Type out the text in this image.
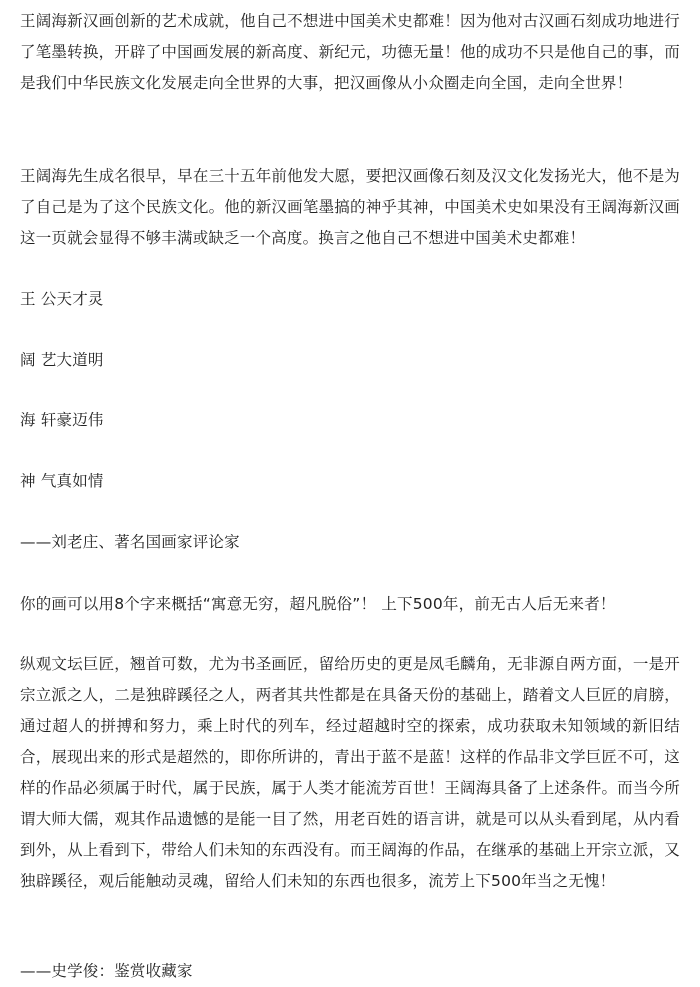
王阔海新汉画创新的艺术成就，他自己不想进中国美术史都难！因为他对古汉画石刻成功地进行了笔墨转换，开辟了中国画发展的新高度、新纪元，功德无量！他的成功不只是他自己的事，而是我们中华民族文化发展走向全世界的大事，把汉画像从小众圈走向全国，走向全世界！

王阔海先生成名很早，早在三十五年前他发大愿，要把汉画像石刻及汉文化发扬光大，他不是为了自己是为了这个民族文化。他的新汉画笔墨搞的神乎其神，中国美术史如果没有王阔海新汉画这一页就会显得不够丰满或缺乏一个高度。换言之他自己不想进中国美术史都难！

王 公天才灵

阔 艺大道明

海 轩豪迈伟

神 气真如情

——刘老庄、著名国画家评论家

你的画可以用8个字来概括“寓意无穷，超凡脱俗”！ 上下500年，前无古人后无来者！

纵观文坛巨匠，翘首可数，尤为书圣画匠，留给历史的更是凤毛麟角，无非源自两方面，一是开宗立派之人，二是独辟蹊径之人，两者其共性都是在具备天份的基础上，踏着文人巨匠的肩膀，通过超人的拼搏和努力，乘上时代的列车，经过超越时空的探索，成功获取未知领域的新旧结合，展现出来的形式是超然的，即你所讲的，青出于蓝不是蓝！这样的作品非文学巨匠不可，这样的作品必须属于时代，属于民族，属于人类才能流芳百世！王阔海具备了上述条件。而当今所谓大师大儒，观其作品遗憾的是能一目了然，用老百姓的语言讲，就是可以从头看到尾，从内看到外，从上看到下，带给人们未知的东西没有。而王阔海的作品，在继承的基础上开宗立派，又独辟蹊径，观后能触动灵魂，留给人们未知的东西也很多，流芳上下500年当之无愧！

——史学俊：鉴赏收藏家
